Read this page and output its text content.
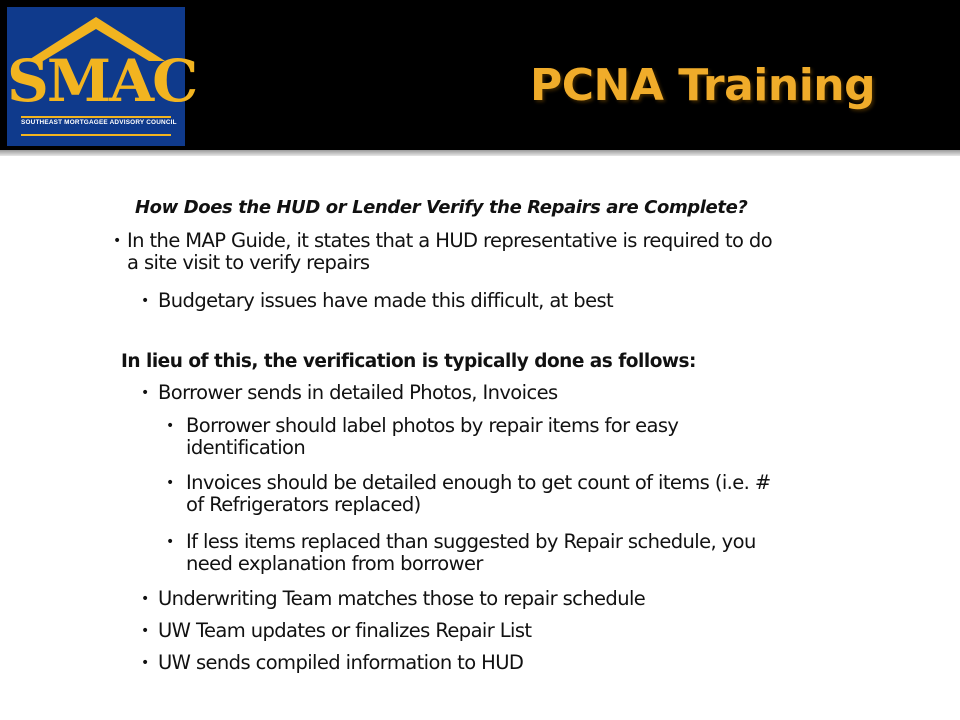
SMAC
SOUTHEAST MORTGAGEE ADVISORY COUNCIL
PCNA Training
How Does the HUD or Lender Verify the Repairs are Complete?
• In the MAP Guide, it states that a HUD representative is required to do
a site visit to verify repairs
• Budgetary issues have made this difficult, at best
In lieu of this, the verification is typically done as follows:
• Borrower sends in detailed Photos, Invoices
• Borrower should label photos by repair items for easy
identification
• Invoices should be detailed enough to get count of items (i.e. #
of Refrigerators replaced)
• If less items replaced than suggested by Repair schedule, you
need explanation from borrower
• Underwriting Team matches those to repair schedule
• UW Team updates or finalizes Repair List
• UW sends compiled information to HUD
